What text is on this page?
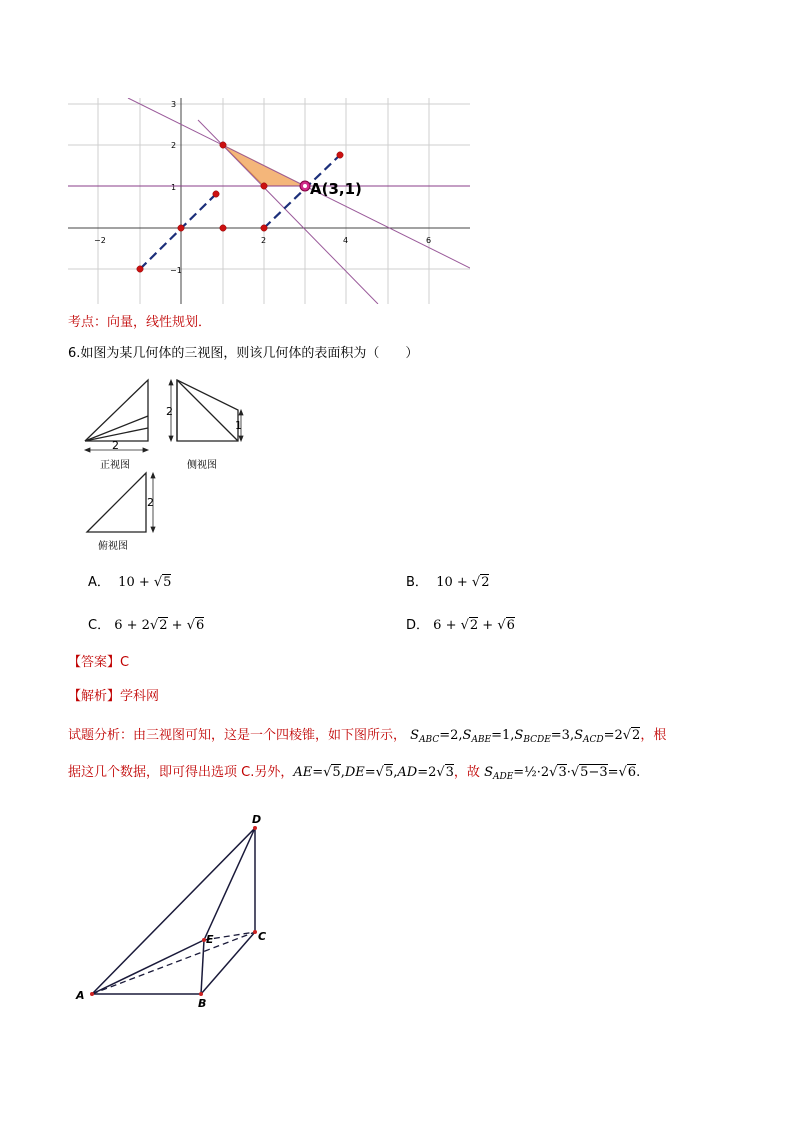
−2	2	4	6
3
2
1
−1
A(3,1)
考点：向量，线性规划．
6.如图为某几何体的三视图，则该几何体的表面积为（　　）
2
正视图
2
1
侧视图
2
俯视图
A． 10 + √5	B． 10 + √2
C． 6 + 2√2 + √6	D． 6 + √2 + √6
【答案】C
【解析】学科网
试题分析：由三视图可知，这是一个四棱锥，如下图所示， $S_{ABC}=2,S_{ABE}=1,S_{BCDE}=3,S_{ACD}=2√2$，根
据这几个数据，即可得出选项 C.另外，AE=√5,DE=√5,AD=2√3，故 $S_{ADE}=\frac{1}{2}\cdot 2√3\cdot√5-3=√6$.
A
B
C
D
E
